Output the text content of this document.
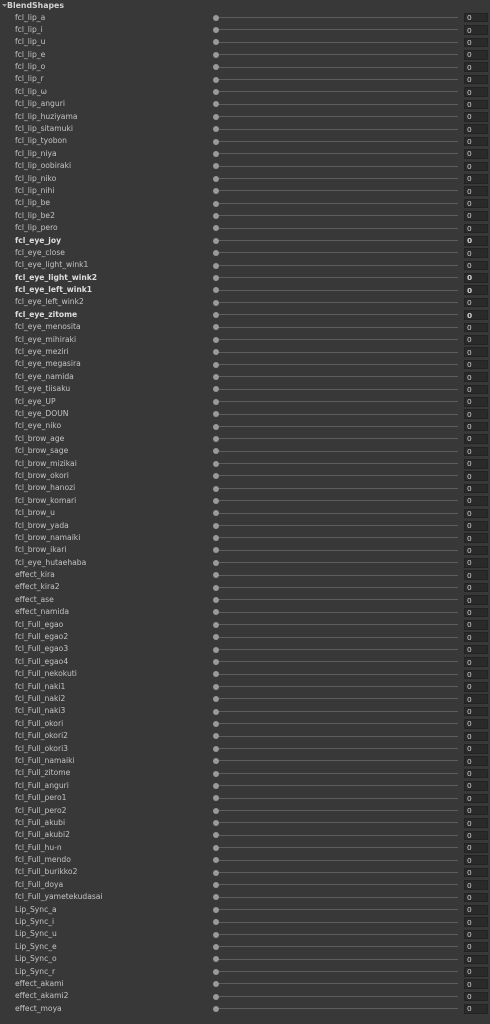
BlendShapes
fcl_lip_a
0
fcl_lip_i
0
fcl_lip_u
0
fcl_lip_e
0
fcl_lip_o
0
fcl_lip_r
0
fcl_lip_ω
0
fcl_lip_anguri
0
fcl_lip_huziyama
0
fcl_lip_sitamuki
0
fcl_lip_tyobon
0
fcl_lip_niya
0
fcl_lip_oobiraki
0
fcl_lip_niko
0
fcl_lip_nihi
0
fcl_lip_be
0
fcl_lip_be2
0
fcl_lip_pero
0
fcl_eye_joy
0
fcl_eye_close
0
fcl_eye_light_wink1
0
fcl_eye_light_wink2
0
fcl_eye_left_wink1
0
fcl_eye_left_wink2
0
fcl_eye_zitome
0
fcl_eye_menosita
0
fcl_eye_mihiraki
0
fcl_eye_meziri
0
fcl_eye_megasira
0
fcl_eye_namida
0
fcl_eye_tiisaku
0
fcl_eye_UP
0
fcl_eye_DOUN
0
fcl_eye_niko
0
fcl_brow_age
0
fcl_brow_sage
0
fcl_brow_mizikai
0
fcl_brow_okori
0
fcl_brow_hanozi
0
fcl_brow_komari
0
fcl_brow_u
0
fcl_brow_yada
0
fcl_brow_namaiki
0
fcl_brow_ikari
0
fcl_eye_hutaehaba
0
effect_kira
0
effect_kira2
0
effect_ase
0
effect_namida
0
fcl_Full_egao
0
fcl_Full_egao2
0
fcl_Full_egao3
0
fcl_Full_egao4
0
fcl_Full_nekokuti
0
fcl_Full_naki1
0
fcl_Full_naki2
0
fcl_Full_naki3
0
fcl_Full_okori
0
fcl_Full_okori2
0
fcl_Full_okori3
0
fcl_Full_namaiki
0
fcl_Full_zitome
0
fcl_Full_anguri
0
fcl_Full_pero1
0
fcl_Full_pero2
0
fcl_Full_akubi
0
fcl_Full_akubi2
0
fcl_Full_hu-n
0
fcl_Full_mendo
0
fcl_Full_burikko2
0
fcl_Full_doya
0
fcl_Full_yametekudasai
0
Lip_Sync_a
0
Lip_Sync_i
0
Lip_Sync_u
0
Lip_Sync_e
0
Lip_Sync_o
0
Lip_Sync_r
0
effect_akami
0
effect_akami2
0
effect_moya
0
